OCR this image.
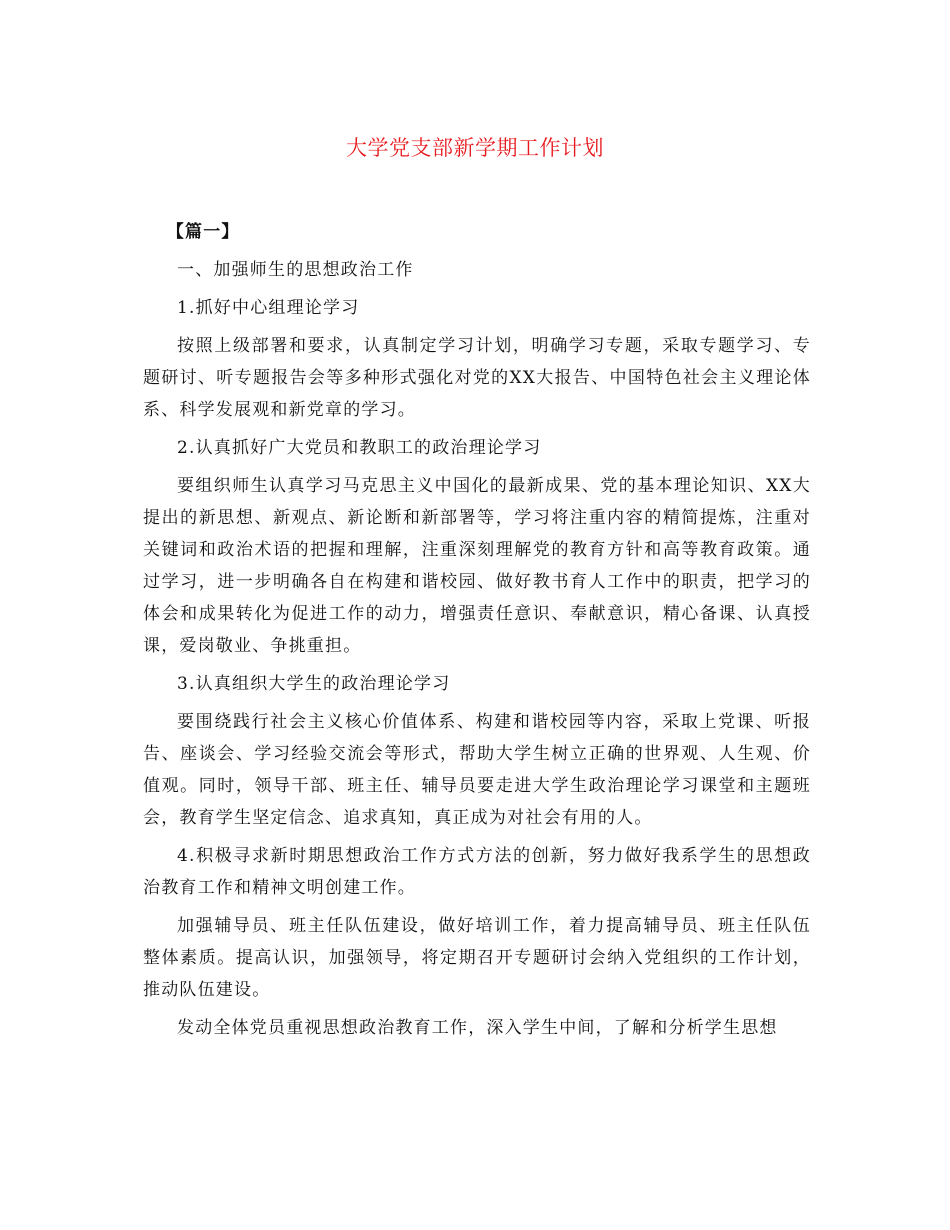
大学党支部新学期工作计划

【篇一】

一、加强师生的思想政治工作

1.抓好中心组理论学习

按照上级部署和要求，认真制定学习计划，明确学习专题，采取专题学习、专题研讨、听专题报告会等多种形式强化对党的XX大报告、中国特色社会主义理论体系、科学发展观和新党章的学习。

2.认真抓好广大党员和教职工的政治理论学习

要组织师生认真学习马克思主义中国化的最新成果、党的基本理论知识、XX大提出的新思想、新观点、新论断和新部署等，学习将注重内容的精简提炼，注重对关键词和政治术语的把握和理解，注重深刻理解党的教育方针和高等教育政策。通过学习，进一步明确各自在构建和谐校园、做好教书育人工作中的职责，把学习的体会和成果转化为促进工作的动力，增强责任意识、奉献意识，精心备课、认真授课，爱岗敬业、争挑重担。

3.认真组织大学生的政治理论学习

要围绕践行社会主义核心价值体系、构建和谐校园等内容，采取上党课、听报告、座谈会、学习经验交流会等形式，帮助大学生树立正确的世界观、人生观、价值观。同时，领导干部、班主任、辅导员要走进大学生政治理论学习课堂和主题班会，教育学生坚定信念、追求真知，真正成为对社会有用的人。

4.积极寻求新时期思想政治工作方式方法的创新，努力做好我系学生的思想政治教育工作和精神文明创建工作。

加强辅导员、班主任队伍建设，做好培训工作，着力提高辅导员、班主任队伍整体素质。提高认识，加强领导，将定期召开专题研讨会纳入党组织的工作计划，推动队伍建设。

发动全体党员重视思想政治教育工作，深入学生中间，了解和分析学生思想
